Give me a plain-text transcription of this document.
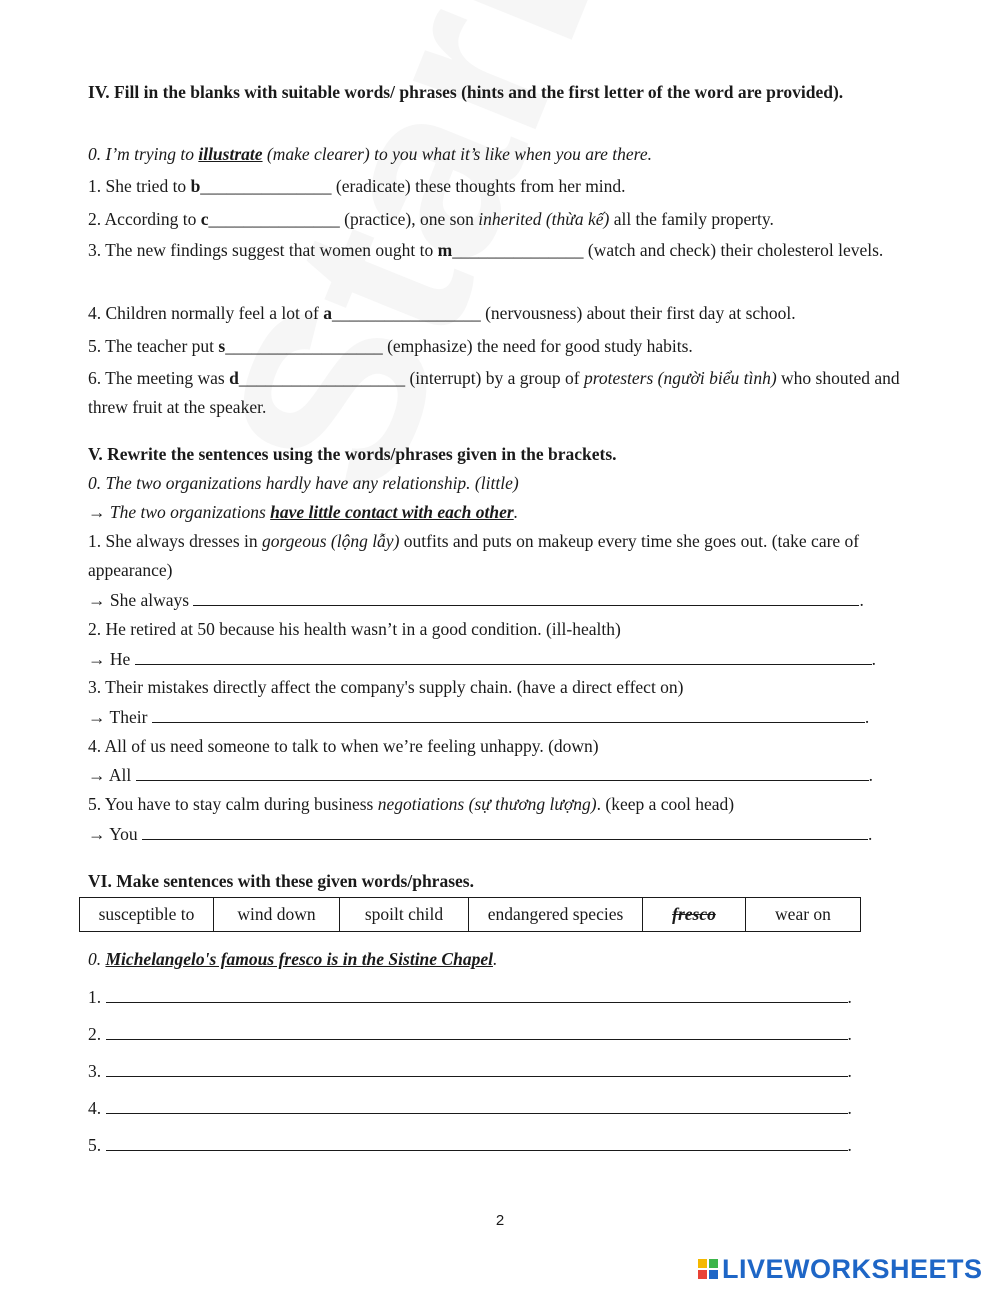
IV. Fill in the blanks with suitable words/ phrases (hints and the first letter of the word are provided).
0. I’m trying to illustrate (make clearer) to you what it’s like when you are there.
1. She tried to b_______________ (eradicate) these thoughts from her mind.
2. According to c_______________ (practice), one son inherited (thừa kế) all the family property.
3. The new findings suggest that women ought to m_______________ (watch and check) their cholesterol levels.
4. Children normally feel a lot of a_________________ (nervousness) about their first day at school.
5. The teacher put s__________________ (emphasize) the need for good study habits.
6. The meeting was d___________________ (interrupt) by a group of protesters (người biểu tình) who shouted and threw fruit at the speaker.
V. Rewrite the sentences using the words/phrases given in the brackets.
0. The two organizations hardly have any relationship. (little)
→ The two organizations have little contact with each other.
1. She always dresses in gorgeous (lộng lẫy) outfits and puts on makeup every time she goes out. (take care of appearance)
→ She always	.
2. He retired at 50 because his health wasn’t in a good condition. (ill-health)
→ He	.
3. Their mistakes directly affect the company's supply chain. (have a direct effect on)
→ Their	.
4. All of us need someone to talk to when we’re feeling unhappy. (down)
→ All	.
5. You have to stay calm during business negotiations (sự thương lượng). (keep a cool head)
→ You	.
VI. Make sentences with these given words/phrases.
susceptible to	wind down	spoilt child	endangered species	fresco	wear on
0. Michelangelo's famous fresco is in the Sistine Chapel.
1.	.
2.	.
3.	.
4.	.
5.	.
2
LIVEWORKSHEETS
